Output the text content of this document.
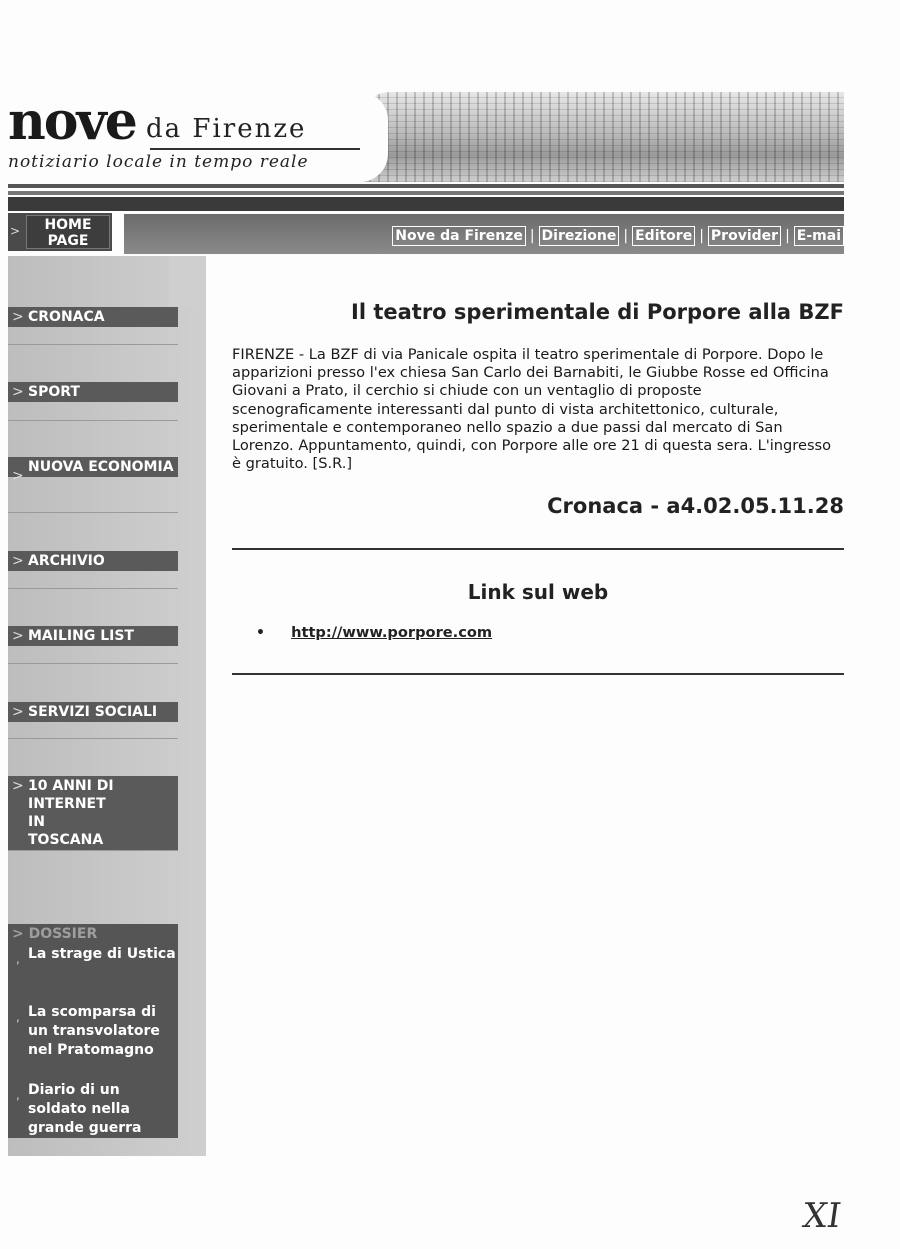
nove da Firenze
notiziario locale in tempo reale
>	HOME PAGE	Nove da Firenze | Direzione | Editore | Provider | E-mai
> CRONACA
> SPORT
>
NUOVA ECONOMIA
> ARCHIVIO
> MAILING LIST
> SERVIZI SOCIALI
> 10 ANNI DI INTERNET IN TOSCANA
> DOSSIER
, La strage di Ustica
, La scomparsa di un transvolatore nel Pratomagno
, Diario di un soldato nella grande guerra
Il teatro sperimentale di Porpore alla BZF
FIRENZE - La BZF di via Panicale ospita il teatro sperimentale di Porpore. Dopo le apparizioni presso l'ex chiesa San Carlo dei Barnabiti, le Giubbe Rosse ed Officina Giovani a Prato, il cerchio si chiude con un ventaglio di proposte scenograficamente interessanti dal punto di vista architettonico, culturale, sperimentale e contemporaneo nello spazio a due passi dal mercato di San Lorenzo. Appuntamento, quindi, con Porpore alle ore 21 di questa sera. L'ingresso è gratuito. [S.R.]
Cronaca - a4.02.05.11.28
Link sul web
• http://www.porpore.com
XI
